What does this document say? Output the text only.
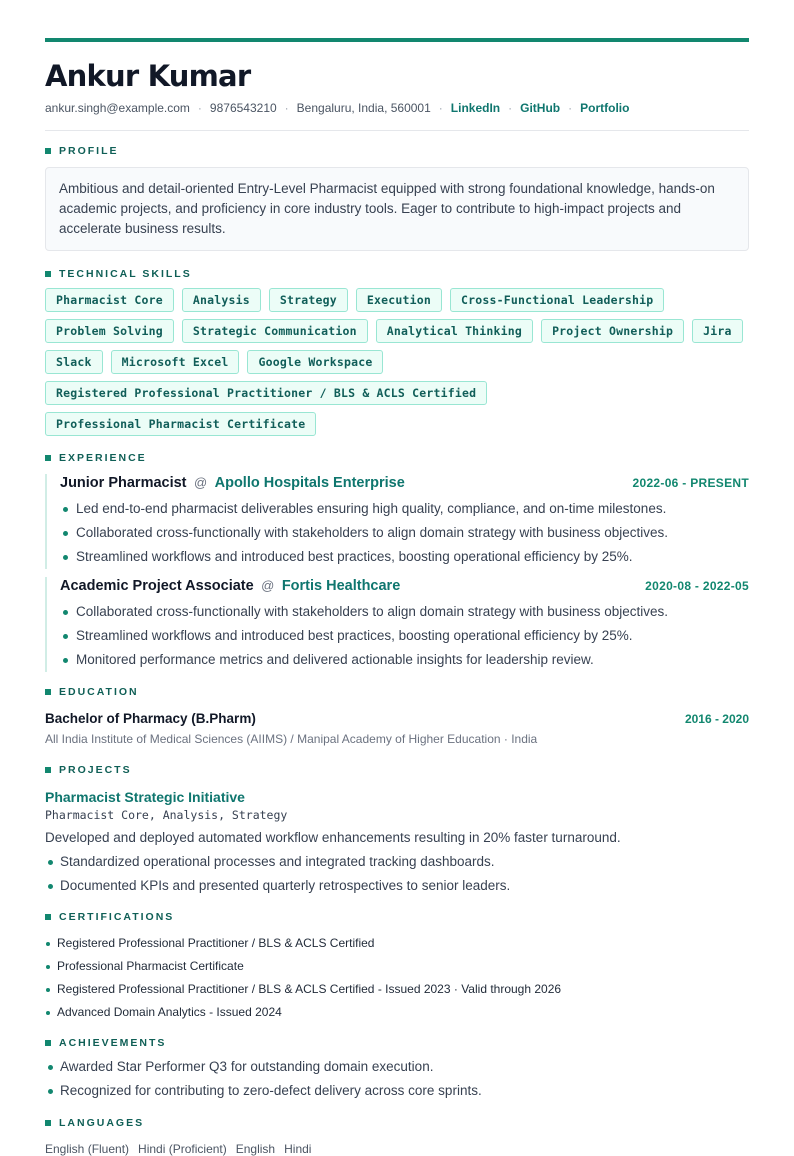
Ankur Kumar
ankur.singh@example.com · 9876543210 · Bengaluru, India, 560001 · LinkedIn · GitHub · Portfolio
PROFILE
Ambitious and detail-oriented Entry-Level Pharmacist equipped with strong foundational knowledge, hands-on academic projects, and proficiency in core industry tools. Eager to contribute to high-impact projects and accelerate business results.
TECHNICAL SKILLS
Pharmacist Core	Analysis	Strategy	Execution	Cross-Functional Leadership
Problem Solving	Strategic Communication	Analytical Thinking	Project Ownership	Jira
Slack	Microsoft Excel	Google Workspace
Registered Professional Practitioner / BLS & ACLS Certified
Professional Pharmacist Certificate
EXPERIENCE
Junior Pharmacist @ Apollo Hospitals Enterprise	2022-06 - PRESENT
Led end-to-end pharmacist deliverables ensuring high quality, compliance, and on-time milestones.
Collaborated cross-functionally with stakeholders to align domain strategy with business objectives.
Streamlined workflows and introduced best practices, boosting operational efficiency by 25%.
Academic Project Associate @ Fortis Healthcare	2020-08 - 2022-05
Collaborated cross-functionally with stakeholders to align domain strategy with business objectives.
Streamlined workflows and introduced best practices, boosting operational efficiency by 25%.
Monitored performance metrics and delivered actionable insights for leadership review.
EDUCATION
Bachelor of Pharmacy (B.Pharm)	2016 - 2020
All India Institute of Medical Sciences (AIIMS) / Manipal Academy of Higher Education · India
PROJECTS
Pharmacist Strategic Initiative
Pharmacist Core, Analysis, Strategy
Developed and deployed automated workflow enhancements resulting in 20% faster turnaround.
Standardized operational processes and integrated tracking dashboards.
Documented KPIs and presented quarterly retrospectives to senior leaders.
CERTIFICATIONS
Registered Professional Practitioner / BLS & ACLS Certified
Professional Pharmacist Certificate
Registered Professional Practitioner / BLS & ACLS Certified - Issued 2023 · Valid through 2026
Advanced Domain Analytics - Issued 2024
ACHIEVEMENTS
Awarded Star Performer Q3 for outstanding domain execution.
Recognized for contributing to zero-defect delivery across core sprints.
LANGUAGES
English (Fluent) Hindi (Proficient) English Hindi
